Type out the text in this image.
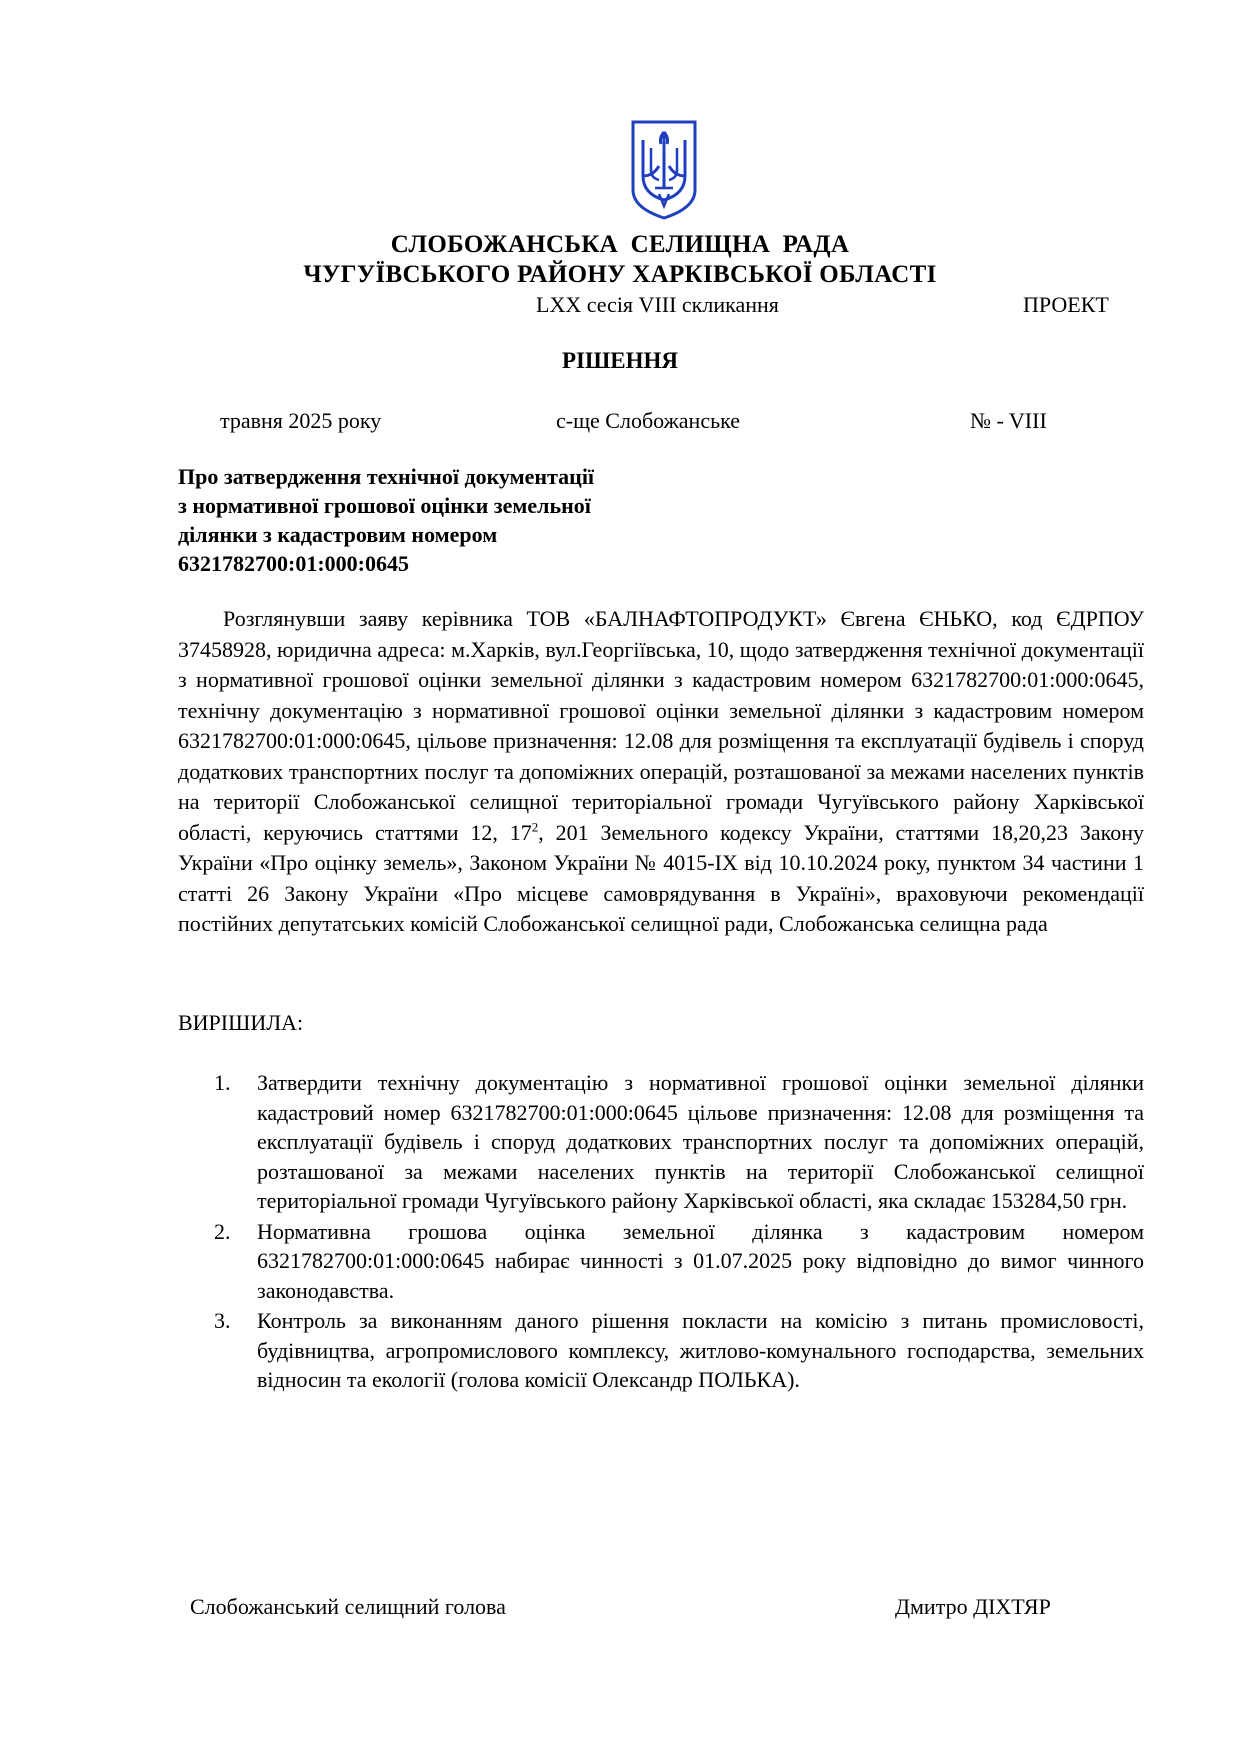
СЛОБОЖАНСЬКА СЕЛИЩНА РАДА
ЧУГУЇВСЬКОГО РАЙОНУ ХАРКІВСЬКОЇ ОБЛАСТІ
LXX сесія VIII скликання	ПРОЕКТ
РІШЕННЯ
травня 2025 року	с-ще Слобожанське	№ - VIII
Про затвердження технічної документації
з нормативної грошової оцінки земельної
ділянки з кадастровим номером
6321782700:01:000:0645
Розглянувши заяву керівника ТОВ «БАЛНАФТОПРОДУКТ» Євгена ЄНЬКО, код ЄДРПОУ 37458928, юридична адреса: м.Харків, вул.Георгіївська, 10, щодо затвердження технічної документації з нормативної грошової оцінки земельної ділянки з кадастровим номером 6321782700:01:000:0645, технічну документацію з нормативної грошової оцінки земельної ділянки з кадастровим номером 6321782700:01:000:0645, цільове призначення: 12.08 для розміщення та експлуатації будівель і споруд додаткових транспортних послуг та допоміжних операцій, розташованої за межами населених пунктів на території Слобожанської селищної територіальної громади Чугуївського району Харківської області, керуючись статтями 12, $17^2$, 201 Земельного кодексу України, статтями 18,20,23 Закону України «Про оцінку земель», Законом України № 4015-IX від 10.10.2024 року, пунктом 34 частини 1 статті 26 Закону України «Про місцеве самоврядування в Україні», враховуючи рекомендації постійних депутатських комісій Слобожанської селищної ради, Слобожанська селищна рада
ВИРІШИЛА:
1. Затвердити технічну документацію з нормативної грошової оцінки земельної ділянки кадастровий номер 6321782700:01:000:0645 цільове призначення: 12.08 для розміщення та експлуатації будівель і споруд додаткових транспортних послуг та допоміжних операцій, розташованої за межами населених пунктів на території Слобожанської селищної територіальної громади Чугуївського району Харківської області, яка складає 153284,50 грн.
2. Нормативна грошова оцінка земельної ділянка з кадастровим номером 6321782700:01:000:0645 набирає чинності з 01.07.2025 року відповідно до вимог чинного законодавства.
3. Контроль за виконанням даного рішення покласти на комісію з питань промисловості, будівництва, агропромислового комплексу, житлово-комунального господарства, земельних відносин та екології (голова комісії Олександр ПОЛЬКА).
Слобожанський селищний голова	Дмитро ДІХТЯР
